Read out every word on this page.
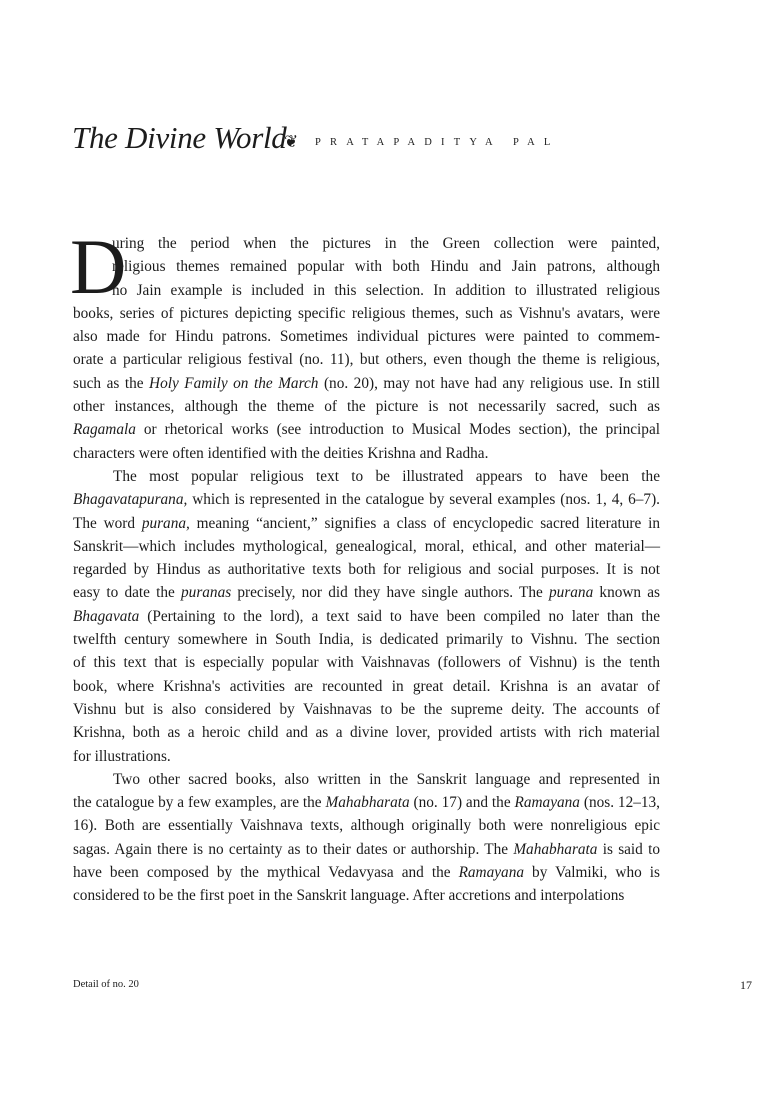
The Divine World
❦ PRATAPADITYA PAL
D
uring the period when the pictures in the Green collection were painted,
religious themes remained popular with both Hindu and Jain patrons, although
no Jain example is included in this selection. In addition to illustrated religious
books, series of pictures depicting specific religious themes, such as Vishnu's avatars, were
also made for Hindu patrons. Sometimes individual pictures were painted to commem-
orate a particular religious festival (no. 11), but others, even though the theme is religious,
such as the Holy Family on the March (no. 20), may not have had any religious use. In still
other instances, although the theme of the picture is not necessarily sacred, such as
Ragamala or rhetorical works (see introduction to Musical Modes section), the principal
characters were often identified with the deities Krishna and Radha.
The most popular religious text to be illustrated appears to have been the
Bhagavatapurana, which is represented in the catalogue by several examples (nos. 1, 4, 6–7).
The word purana, meaning “ancient,” signifies a class of encyclopedic sacred literature in
Sanskrit—which includes mythological, genealogical, moral, ethical, and other material—
regarded by Hindus as authoritative texts both for religious and social purposes. It is not
easy to date the puranas precisely, nor did they have single authors. The purana known as
Bhagavata (Pertaining to the lord), a text said to have been compiled no later than the
twelfth century somewhere in South India, is dedicated primarily to Vishnu. The section
of this text that is especially popular with Vaishnavas (followers of Vishnu) is the tenth
book, where Krishna's activities are recounted in great detail. Krishna is an avatar of
Vishnu but is also considered by Vaishnavas to be the supreme deity. The accounts of
Krishna, both as a heroic child and as a divine lover, provided artists with rich material
for illustrations.
Two other sacred books, also written in the Sanskrit language and represented in
the catalogue by a few examples, are the Mahabharata (no. 17) and the Ramayana (nos. 12–13,
16). Both are essentially Vaishnava texts, although originally both were nonreligious epic
sagas. Again there is no certainty as to their dates or authorship. The Mahabharata is said to
have been composed by the mythical Vedavyasa and the Ramayana by Valmiki, who is
considered to be the first poet in the Sanskrit language. After accretions and interpolations
Detail of no. 20	17
